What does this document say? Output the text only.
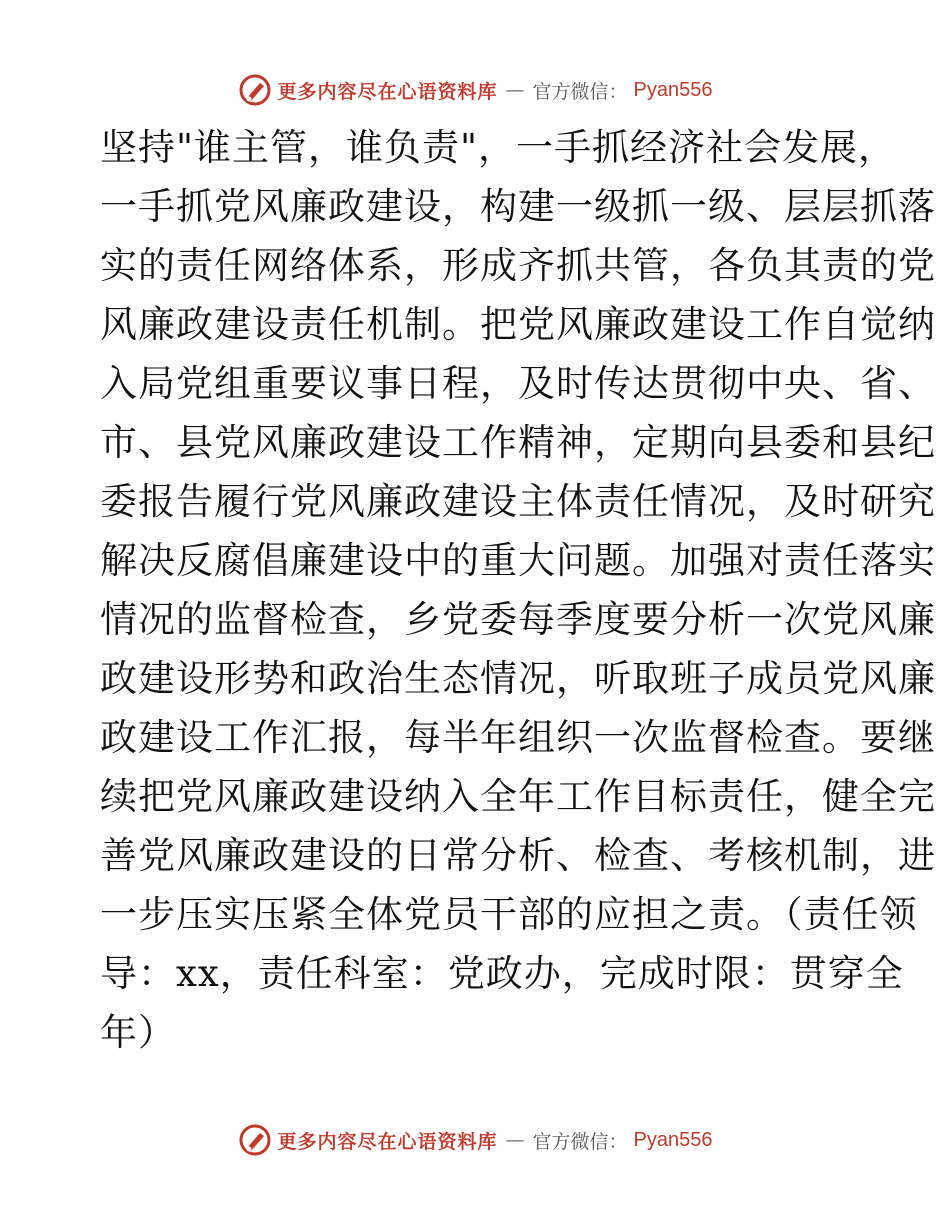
更多内容尽在心语资料库 — 官方微信： Pyan556
坚持"谁主管，谁负责"，一手抓经济社会发展，
一手抓党风廉政建设，构建一级抓一级、层层抓落
实的责任网络体系，形成齐抓共管，各负其责的党
风廉政建设责任机制。把党风廉政建设工作自觉纳
入局党组重要议事日程，及时传达贯彻中央、省、
市、县党风廉政建设工作精神，定期向县委和县纪
委报告履行党风廉政建设主体责任情况，及时研究
解决反腐倡廉建设中的重大问题。加强对责任落实
情况的监督检查，乡党委每季度要分析一次党风廉
政建设形势和政治生态情况，听取班子成员党风廉
政建设工作汇报，每半年组织一次监督检查。要继
续把党风廉政建设纳入全年工作目标责任，健全完
善党风廉政建设的日常分析、检查、考核机制，进
一步压实压紧全体党员干部的应担之责。（责任领
导：xx，责任科室：党政办，完成时限：贯穿全
年）
更多内容尽在心语资料库 — 官方微信： Pyan556
